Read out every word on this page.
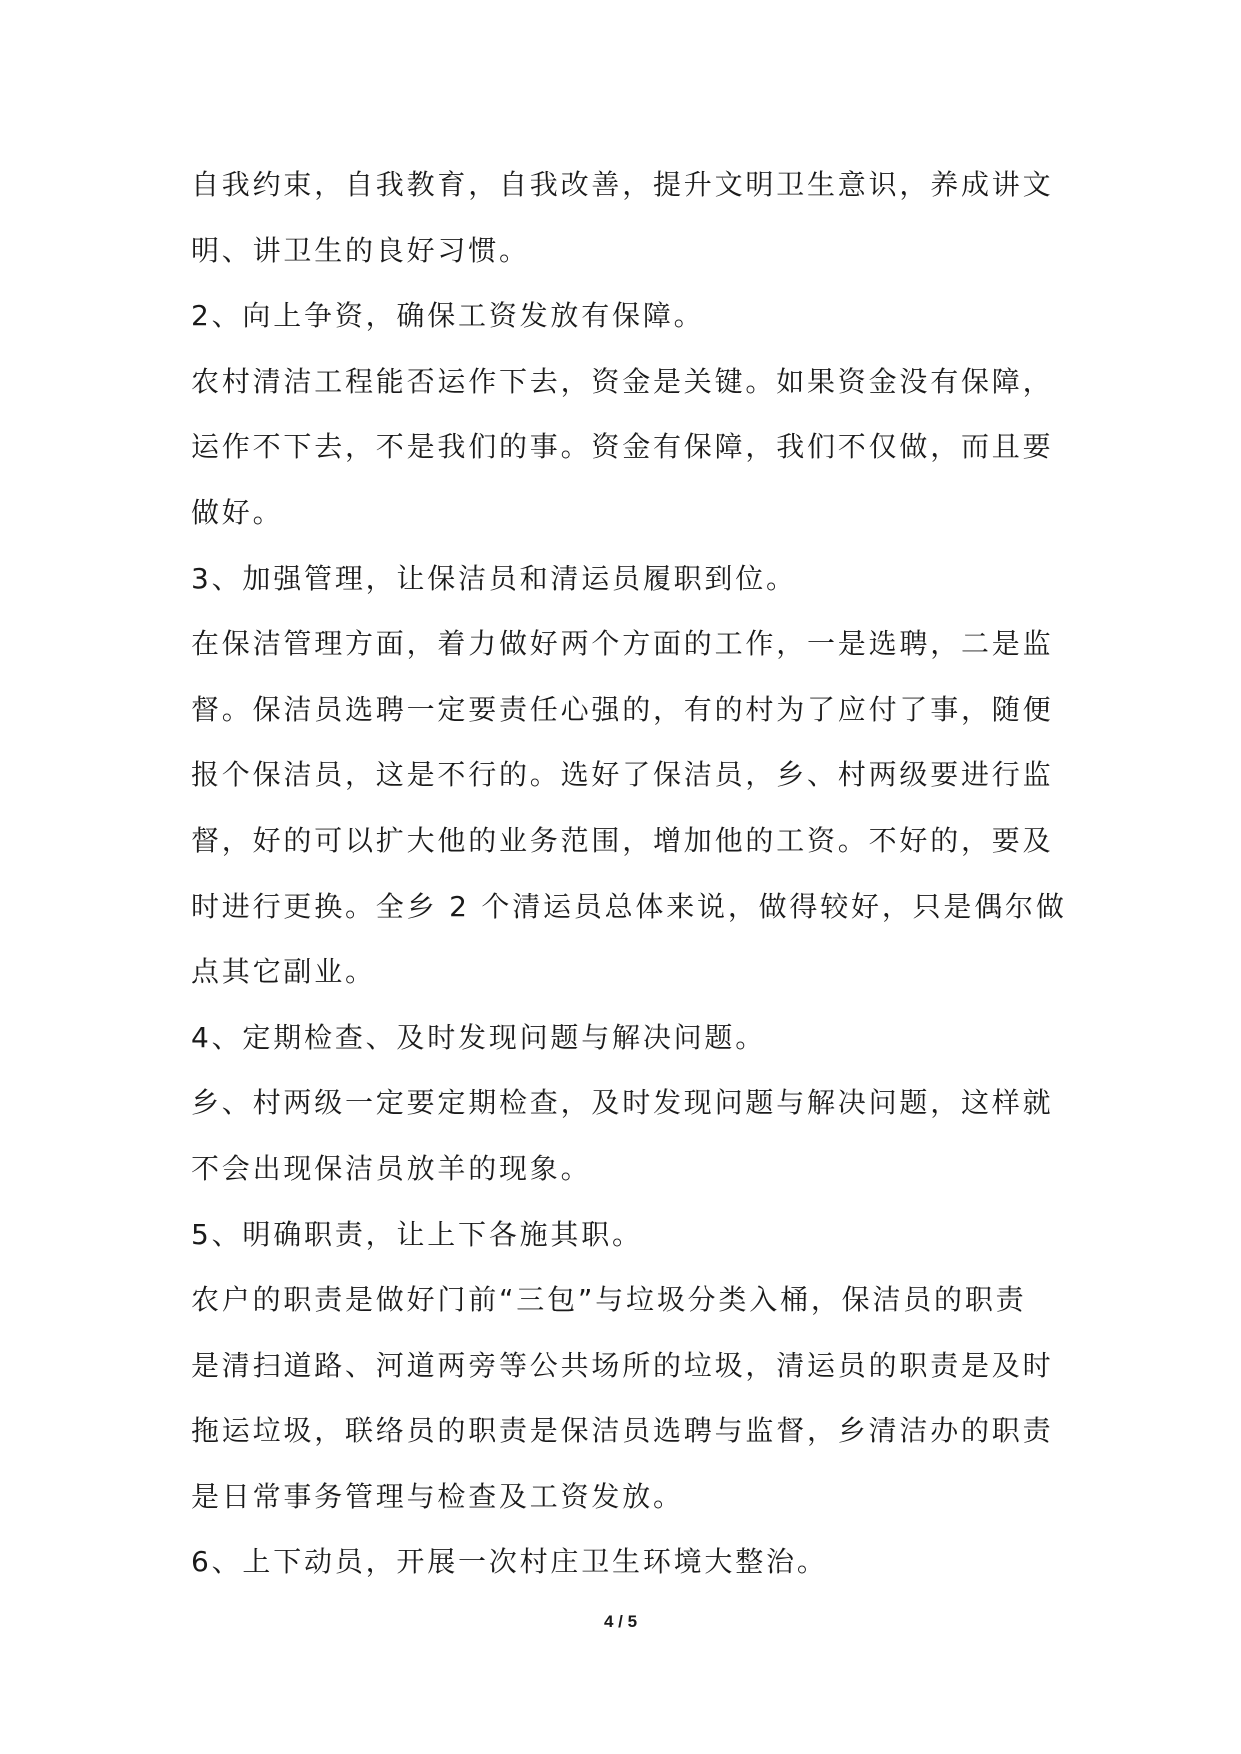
自我约束，自我教育，自我改善，提升文明卫生意识，养成讲文
明、讲卫生的良好习惯。
2、向上争资，确保工资发放有保障。
农村清洁工程能否运作下去，资金是关键。如果资金没有保障，
运作不下去，不是我们的事。资金有保障，我们不仅做，而且要
做好。
3、加强管理，让保洁员和清运员履职到位。
在保洁管理方面，着力做好两个方面的工作，一是选聘，二是监
督。保洁员选聘一定要责任心强的，有的村为了应付了事，随便
报个保洁员，这是不行的。选好了保洁员，乡、村两级要进行监
督，好的可以扩大他的业务范围，增加他的工资。不好的，要及
时进行更换。全乡 2 个清运员总体来说，做得较好，只是偶尔做
点其它副业。
4、定期检查、及时发现问题与解决问题。
乡、村两级一定要定期检查，及时发现问题与解决问题，这样就
不会出现保洁员放羊的现象。
5、明确职责，让上下各施其职。
农户的职责是做好门前“三包”与垃圾分类入桶，保洁员的职责
是清扫道路、河道两旁等公共场所的垃圾，清运员的职责是及时
拖运垃圾，联络员的职责是保洁员选聘与监督，乡清洁办的职责
是日常事务管理与检查及工资发放。
6、上下动员，开展一次村庄卫生环境大整治。
4 / 5
